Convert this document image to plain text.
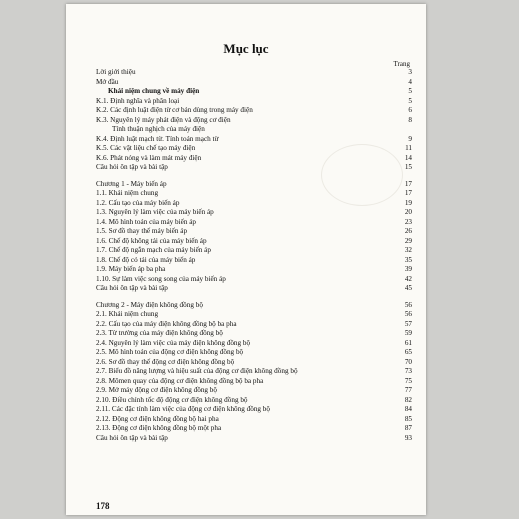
Mục lục
Trang
Lời giới thiệu	3
Mở đầu	4
Khái niệm chung về máy điện	5
K.1. Định nghĩa và phân loại	5
K.2. Các định luật điện từ cơ bản dùng trong máy điện	6
K.3. Nguyên lý máy phát điện và động cơ điện	8
Tính thuận nghịch của máy điện
K.4. Định luật mạch từ. Tính toán mạch từ	9
K.5. Các vật liệu chế tạo máy điện	11
K.6. Phát nóng và làm mát máy điện	14
Câu hỏi ôn tập và bài tập	15
Chương 1 - Máy biến áp	17
1.1. Khái niệm chung	17
1.2. Cấu tạo của máy biến áp	19
1.3. Nguyên lý làm việc của máy biến áp	20
1.4. Mô hình toán của máy biến áp	23
1.5. Sơ đồ thay thế máy biến áp	26
1.6. Chế độ không tải của máy biến áp	29
1.7. Chế độ ngắn mạch của máy biến áp	32
1.8. Chế độ có tải của máy biến áp	35
1.9. Máy biến áp ba pha	39
1.10. Sự làm việc song song của máy biến áp	42
Câu hỏi ôn tập và bài tập	45
Chương 2 - Máy điện không đồng bộ	56
2.1. Khái niệm chung	56
2.2. Cấu tạo của máy điện không đồng bộ ba pha	57
2.3. Từ trường của máy điện không đồng bộ	59
2.4. Nguyên lý làm việc của máy điện không đồng bộ	61
2.5. Mô hình toán của động cơ điện không đồng bộ	65
2.6. Sơ đồ thay thế động cơ điện không đồng bộ	70
2.7. Biểu đồ năng lượng và hiệu suất của động cơ điện không đồng bộ	73
2.8. Mômen quay của động cơ điện không đồng bộ ba pha	75
2.9. Mở máy động cơ điện không đồng bộ	77
2.10. Điều chỉnh tốc độ động cơ điện không đồng bộ	82
2.11. Các đặc tính làm việc của động cơ điện không đồng bộ	84
2.12. Động cơ điện không đồng bộ hai pha	85
2.13. Động cơ điện không đồng bộ một pha	87
Câu hỏi ôn tập và bài tập	93
178
